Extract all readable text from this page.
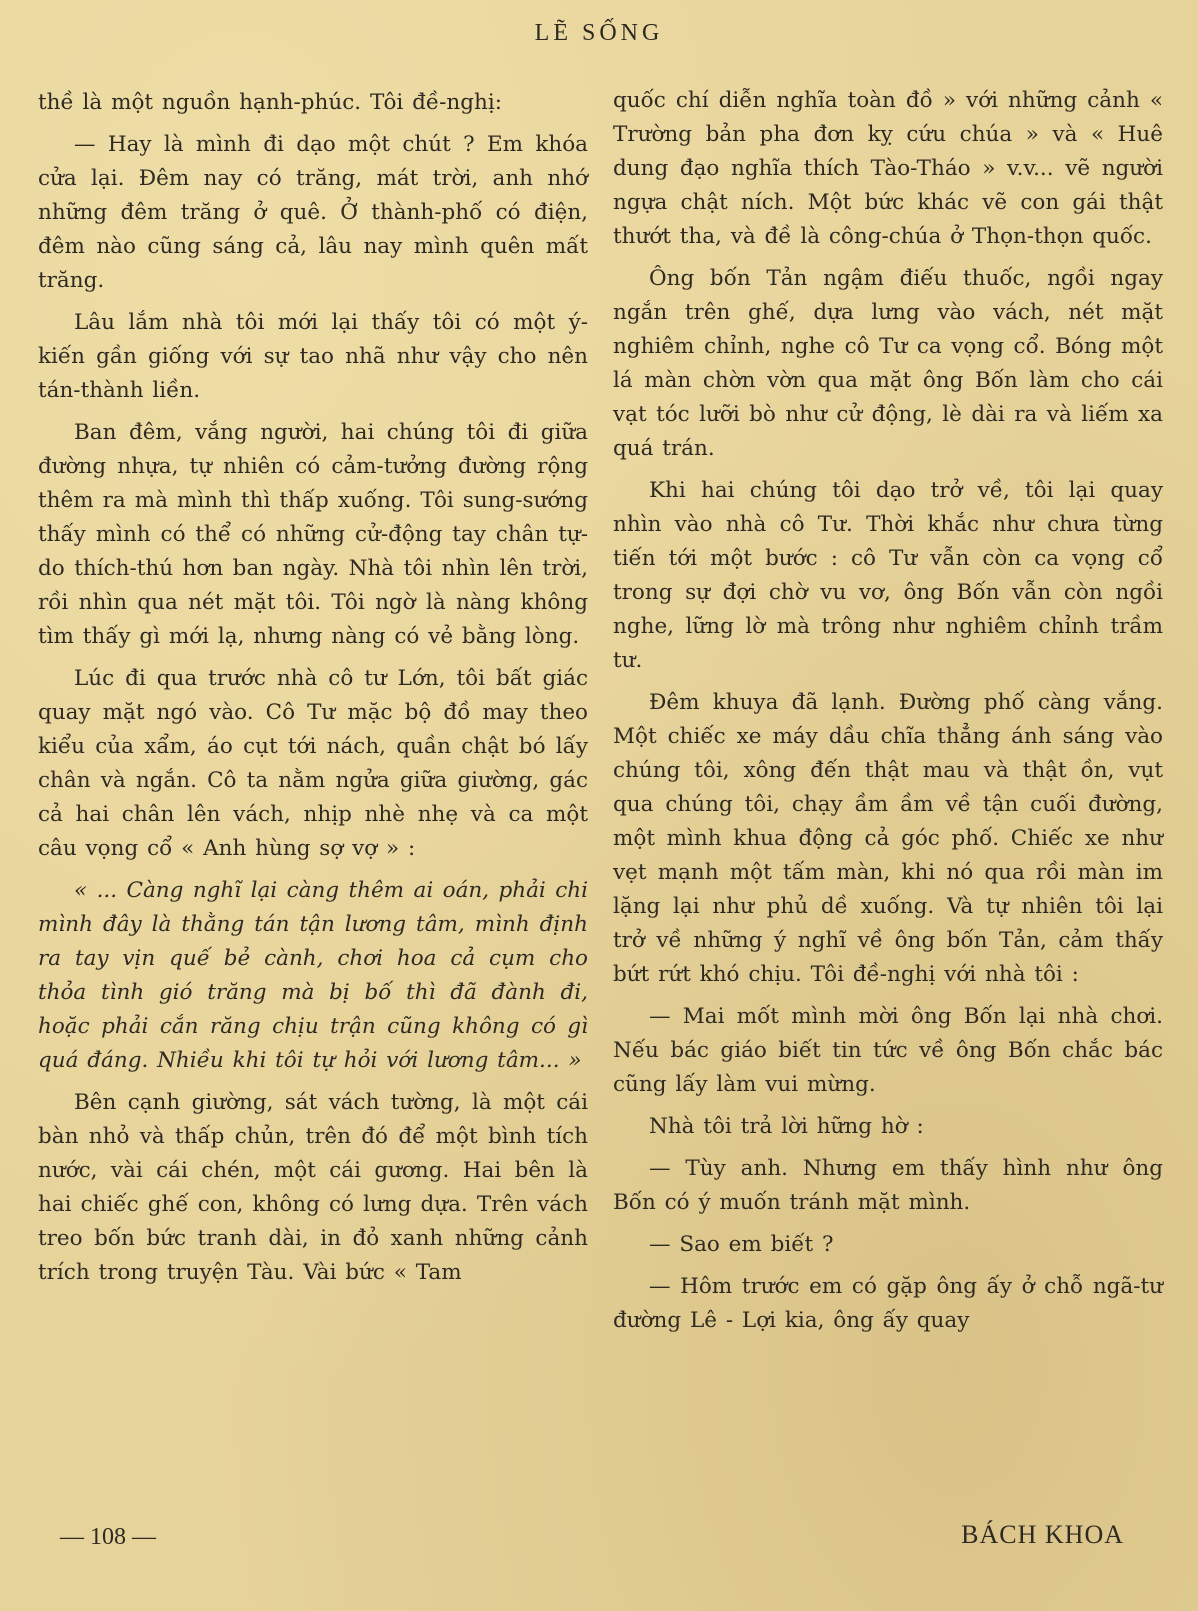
LẼ SỐNG

thề là một nguồn hạnh-phúc. Tôi đề-nghị:

— Hay là mình đi dạo một chút ? Em khóa cửa lại. Đêm nay có trăng, mát trời, anh nhớ những đêm trăng ở quê. Ở thành-phố có điện, đêm nào cũng sáng cả, lâu nay mình quên mất trăng.

Lâu lắm nhà tôi mới lại thấy tôi có một ý-kiến gần giống với sự tao nhã như vậy cho nên tán-thành liền.

Ban đêm, vắng người, hai chúng tôi đi giữa đường nhựa, tự nhiên có cảm-tưởng đường rộng thêm ra mà mình thì thấp xuống. Tôi sung-sướng thấy mình có thể có những cử-động tay chân tự-do thích-thú hơn ban ngày. Nhà tôi nhìn lên trời, rồi nhìn qua nét mặt tôi. Tôi ngờ là nàng không tìm thấy gì mới lạ, nhưng nàng có vẻ bằng lòng.

Lúc đi qua trước nhà cô tư Lớn, tôi bất giác quay mặt ngó vào. Cô Tư mặc bộ đồ may theo kiểu của xẩm, áo cụt tới nách, quần chật bó lấy chân và ngắn. Cô ta nằm ngửa giữa giường, gác cả hai chân lên vách, nhịp nhè nhẹ và ca một câu vọng cổ « Anh hùng sợ vợ » :

« ... Càng nghĩ lại càng thêm ai oán, phải chi mình đây là thằng tán tận lương tâm, mình định ra tay vịn quế bẻ cành, chơi hoa cả cụm cho thỏa tình gió trăng mà bị bố thì đã đành đi, hoặc phải cắn răng chịu trận cũng không có gì quá đáng. Nhiều khi tôi tự hỏi với lương tâm... »

Bên cạnh giường, sát vách tường, là một cái bàn nhỏ và thấp chủn, trên đó để một bình tích nước, vài cái chén, một cái gương. Hai bên là hai chiếc ghế con, không có lưng dựa. Trên vách treo bốn bức tranh dài, in đỏ xanh những cảnh trích trong truyện Tàu. Vài bức « Tam

quốc chí diễn nghĩa toàn đồ » với những cảnh « Trường bản pha đơn kỵ cứu chúa » và « Huê dung đạo nghĩa thích Tào-Tháo » v.v... vẽ người ngựa chật ních. Một bức khác vẽ con gái thật thướt tha, và đề là công-chúa ở Thọn-thọn quốc.

Ông bốn Tản ngậm điếu thuốc, ngồi ngay ngắn trên ghế, dựa lưng vào vách, nét mặt nghiêm chỉnh, nghe cô Tư ca vọng cổ. Bóng một lá màn chờn vờn qua mặt ông Bốn làm cho cái vạt tóc lưỡi bò như cử động, lè dài ra và liếm xa quá trán.

Khi hai chúng tôi dạo trở về, tôi lại quay nhìn vào nhà cô Tư. Thời khắc như chưa từng tiến tới một bước : cô Tư vẫn còn ca vọng cổ trong sự đợi chờ vu vơ, ông Bốn vẫn còn ngồi nghe, lững lờ mà trông như nghiêm chỉnh trầm tư.

Đêm khuya đã lạnh. Đường phố càng vắng. Một chiếc xe máy dầu chĩa thẳng ánh sáng vào chúng tôi, xông đến thật mau và thật ồn, vụt qua chúng tôi, chạy ầm ầm về tận cuối đường, một mình khua động cả góc phố. Chiếc xe như vẹt mạnh một tấm màn, khi nó qua rồi màn im lặng lại như phủ dề xuống. Và tự nhiên tôi lại trở về những ý nghĩ về ông bốn Tản, cảm thấy bứt rứt khó chịu. Tôi đề-nghị với nhà tôi :

— Mai mốt mình mời ông Bốn lại nhà chơi. Nếu bác giáo biết tin tức về ông Bốn chắc bác cũng lấy làm vui mừng.

Nhà tôi trả lời hững hờ :

— Tùy anh. Nhưng em thấy hình như ông Bốn có ý muốn tránh mặt mình.

— Sao em biết ?

— Hôm trước em có gặp ông ấy ở chỗ ngã-tư đường Lê - Lợi kia, ông ấy quay

— 108 —	BÁCH KHOA
